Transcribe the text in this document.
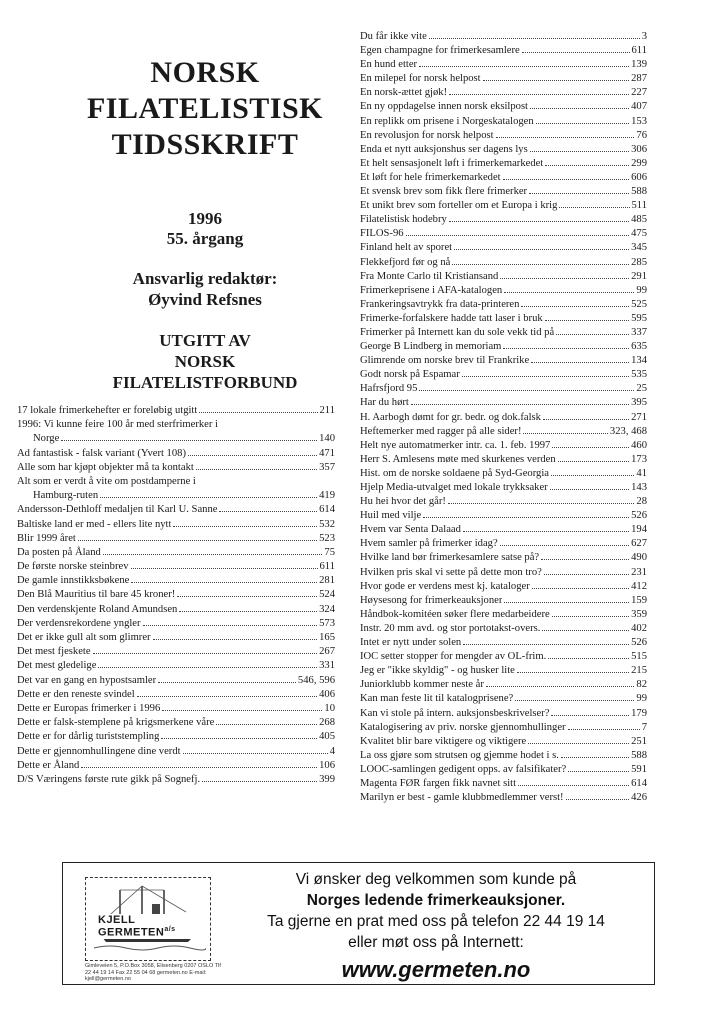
NORSK
FILATELISTISK
TIDSSKRIFT
1996
55. årgang
Ansvarlig redaktør:
Øyvind Refsnes
UTGITT AV
NORSK
FILATELISTFORBUND
17 lokale frimerkehefter er foreløbig utgitt	211
1996: Vi kunne feire 100 år med sterfrimerker i
Norge	140
Ad fantastisk - falsk variant (Yvert 108)	471
Alle som har kjøpt objekter må ta kontakt	357
Alt som er verdt å vite om postdamperne i
Hamburg-ruten	419
Andersson-Dethloff medaljen til Karl U. Sanne	614
Baltiske land er med - ellers lite nytt	532
Blir 1999 året	523
Da posten på Åland	75
De første norske steinbrev	611
De gamle innstikksbøkene	281
Den Blå Mauritius til bare 45 kroner!	524
Den verdenskjente Roland Amundsen	324
Der verdensrekordene yngler	573
Det er ikke gull alt som glimrer	165
Det mest fjeskete	267
Det mest gledelige	331
Det var en gang en hypostsamler	546, 596
Dette er den reneste svindel	406
Dette er Europas frimerker i 1996	10
Dette er falsk-stemplene på krigsmerkene våre	268
Dette er for dårlig turiststempling	405
Dette er gjennomhullingene dine verdt	4
Dette er Åland	106
D/S Væringens første rute gikk på Sognefj.	399
Du får ikke vite	3
Egen champagne for frimerkesamlere	611
En hund etter	139
En milepel for norsk helpost	287
En norsk-ættet gjøk!	227
En ny oppdagelse innen norsk eksilpost	407
En replikk om prisene i Norgeskatalogen	153
En revolusjon for norsk helpost	76
Enda et nytt auksjonshus ser dagens lys	306
Et helt sensasjonelt løft i frimerkemarkedet	299
Et løft for hele frimerkemarkedet	606
Et svensk brev som fikk flere frimerker	588
Et unikt brev som forteller om et Europa i krig	511
Filatelistisk hodebry	485
FILOS-96	475
Finland helt av sporet	345
Flekkefjord før og nå	285
Fra Monte Carlo til Kristiansand	291
Frimerkeprisene i AFA-katalogen	99
Frankeringsavtrykk fra data-printeren	525
Frimerke-forfalskere hadde tatt laser i bruk	595
Frimerker på Internett kan du sole vekk tid på	337
George B Lindberg in memoriam	635
Glimrende om norske brev til Frankrike	134
Godt norsk på Espamar	535
Hafrsfjord 95	25
Har du hørt	395
H. Aarbogh dømt for gr. bedr. og dok.falsk	271
Heftemerker med ragger på alle sider!	323, 468
Helt nye automatmerker intr. ca. 1. feb. 1997	460
Herr S. Amlesens møte med skurkenes verden	173
Hist. om de norske soldaene på Syd-Georgia	41
Hjelp Media-utvalget med lokale trykksaker	143
Hu hei hvor det går!	28
Huil med vilje	526
Hvem var Senta Dalaad	194
Hvem samler på frimerker idag?	627
Hvilke land bør frimerkesamlere satse på?	490
Hvilken pris skal vi sette på dette mon tro?	231
Hvor gode er verdens mest kj. kataloger	412
Høysesong for frimerkeauksjoner	159
Håndbok-komitéen søker flere medarbeidere	359
Instr. 20 mm avd. og stor portotakst-overs.	402
Intet er nytt under solen	526
IOC setter stopper for mengder av OL-frim.	515
Jeg er "ikke skyldig" - og husker lite	215
Juniorklubb kommer neste år	82
Kan man feste lit til katalogprisene?	99
Kan vi stole på intern. auksjonsbeskrivelser?	179
Katalogisering av priv. norske gjennomhullinger	7
Kvalitet blir bare viktigere og viktigere	251
La oss gjøre som strutsen og gjemme hodet i s.	588
LOOC-samlingen gedigent opps. av falsifikater?	591
Magenta FØR fargen fikk navnet sitt	614
Marilyn er best - gamle klubbmedlemmer verst!	426
KJELL $GERMETEN^{a/s}$
Gimleveien 5, P.O.Box 3058, Elisenberg 0207 OSLO Tlf 22 44 19 14 Fax 22 55 04 68 germeten.no E-mail: kjell@germeten.no
Vi ønsker deg velkommen som kunde på
Norges ledende frimerkeauksjoner.
Ta gjerne en prat med oss på telefon 22 44 19 14
eller møt oss på Internett:
www.germeten.no
